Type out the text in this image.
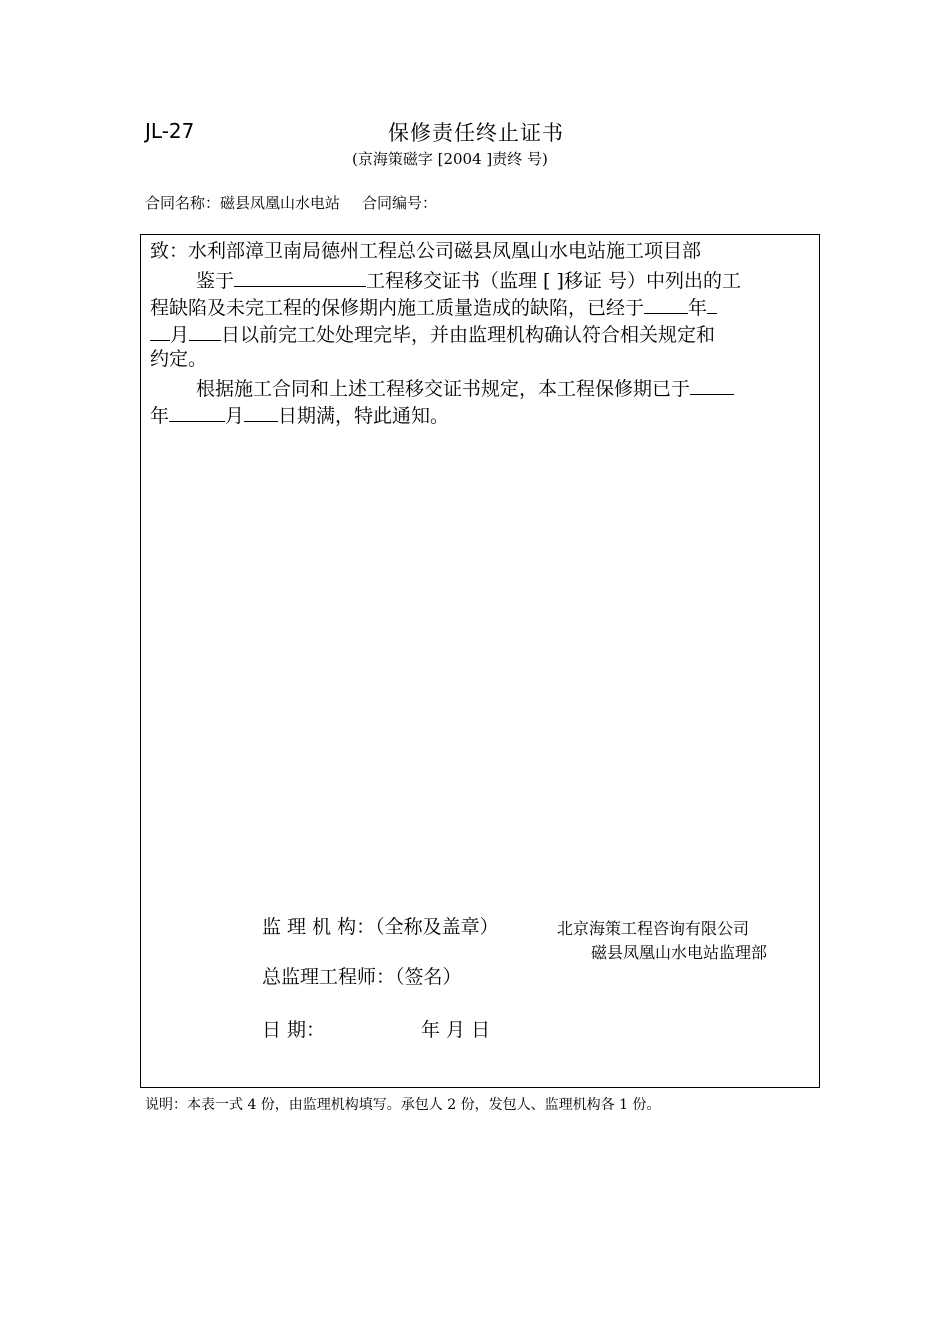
JL-27	保修责任终止证书
(京海策磁字 [2004 ]责终 号)
合同名称：磁县凤凰山水电站 合同编号：
致：水利部漳卫南局德州工程总公司磁县凤凰山水电站施工项目部
鉴于	工程移交证书（监理 [ ]移证 号）中列出的工
程缺陷及未完工程的保修期内施工质量造成的缺陷，已经于 年
月 日以前完工处处理完毕，并由监理机构确认符合相关规定和
约定。
根据施工合同和上述工程移交证书规定，本工程保修期已于
年	月 日期满，特此通知。
监 理 机 构：（全称及盖章）	北京海策工程咨询有限公司
磁县凤凰山水电站监理部
总监理工程师：（签名）
日 期：	年 月 日
说明：本表一式 4 份，由监理机构填写。承包人 2 份，发包人、监理机构各 1 份。
